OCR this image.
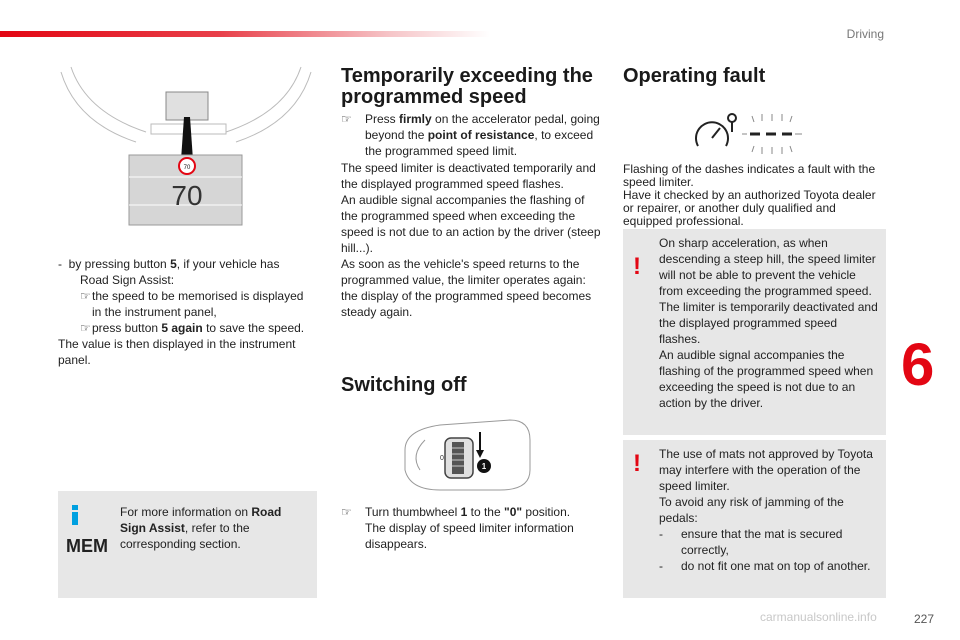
Driving
6
227
carmanualsonline.info
70
70
-  by pressing button 5, if your vehicle has
Road Sign Assist:
☞ the speed to be memorised is displayed in the instrument panel,
☞ press button 5 again to save the speed.
The value is then displayed in the instrument panel.
MEM
For more information on Road Sign Assist, refer to the corresponding section.
Temporarily exceeding the programmed speed
☞	Press firmly on the accelerator pedal, going beyond the point of resistance, to exceed the programmed speed limit.
The speed limiter is deactivated temporarily and the displayed programmed speed flashes.
An audible signal accompanies the flashing of the programmed speed when exceeding the speed is not due to an action by the driver (steep hill...).
As soon as the vehicle's speed returns to the programmed value, the limiter operates again: the display of the programmed speed becomes steady again.
Switching off
0
1
☞	Turn thumbwheel 1 to the "0" position.
The display of speed limiter information disappears.
Operating fault
Flashing of the dashes indicates a fault with the speed limiter.
Have it checked by an authorized Toyota dealer or repairer, or another duly qualified and equipped professional.
!
On sharp acceleration, as when descending a steep hill, the speed limiter will not be able to prevent the vehicle from exceeding the programmed speed.
The limiter is temporarily deactivated and the displayed programmed speed flashes.
An audible signal accompanies the flashing of the programmed speed when exceeding the speed is not due to an action by the driver.
!	The use of mats not approved by Toyota may interfere with the operation of the speed limiter.
To avoid any risk of jamming of the pedals:
-	ensure that the mat is secured correctly,
-	do not fit one mat on top of another.
